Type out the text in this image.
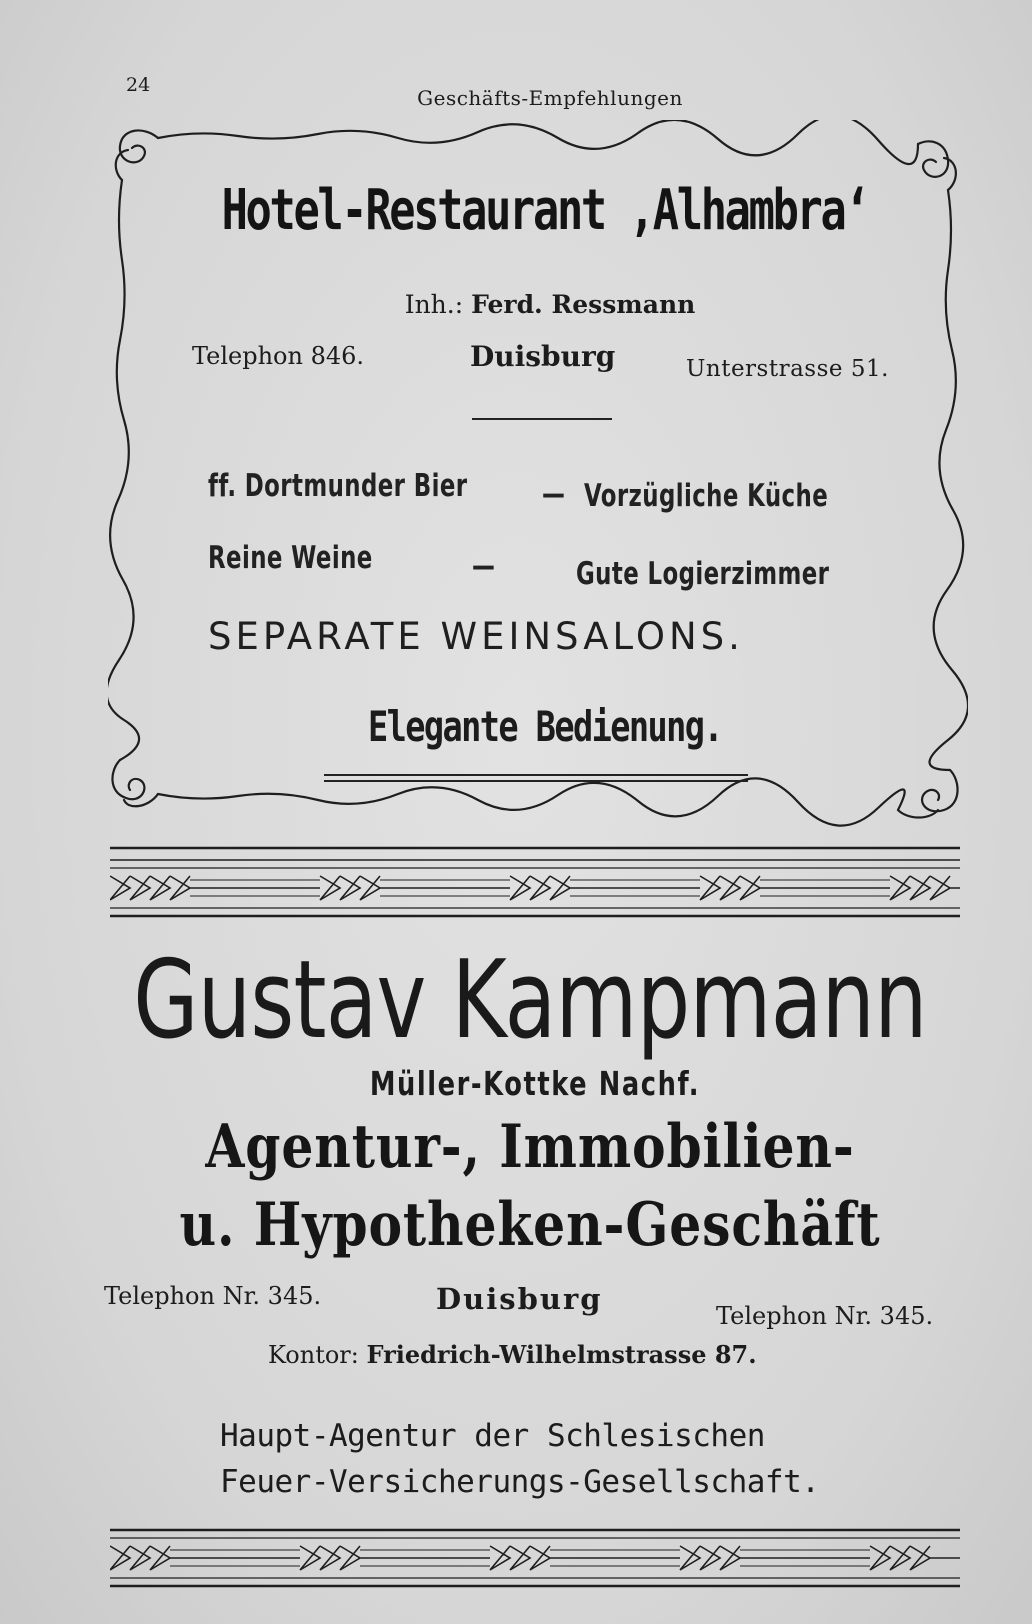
24
Geschäfts-Empfehlungen
Hotel-Restaurant ‚Alhambra‘
Inh.: Ferd. Ressmann
Telephon 846.	Duisburg	Unterstrasse 51.
ff. Dortmunder Bier — Vorzügliche Küche
Reine Weine	—	Gute Logierzimmer
SEPARATE WEINSALONS.
Elegante Bedienung.
Gustav Kampmann
Müller-Kottke Nachf.
Agentur-, Immobilien-
u. Hypotheken-Geschäft
Telephon Nr. 345.	Duisburg	Telephon Nr. 345.
Kontor: Friedrich-Wilhelmstrasse 87.
Haupt-Agentur der Schlesischen
Feuer-Versicherungs-Gesellschaft.
